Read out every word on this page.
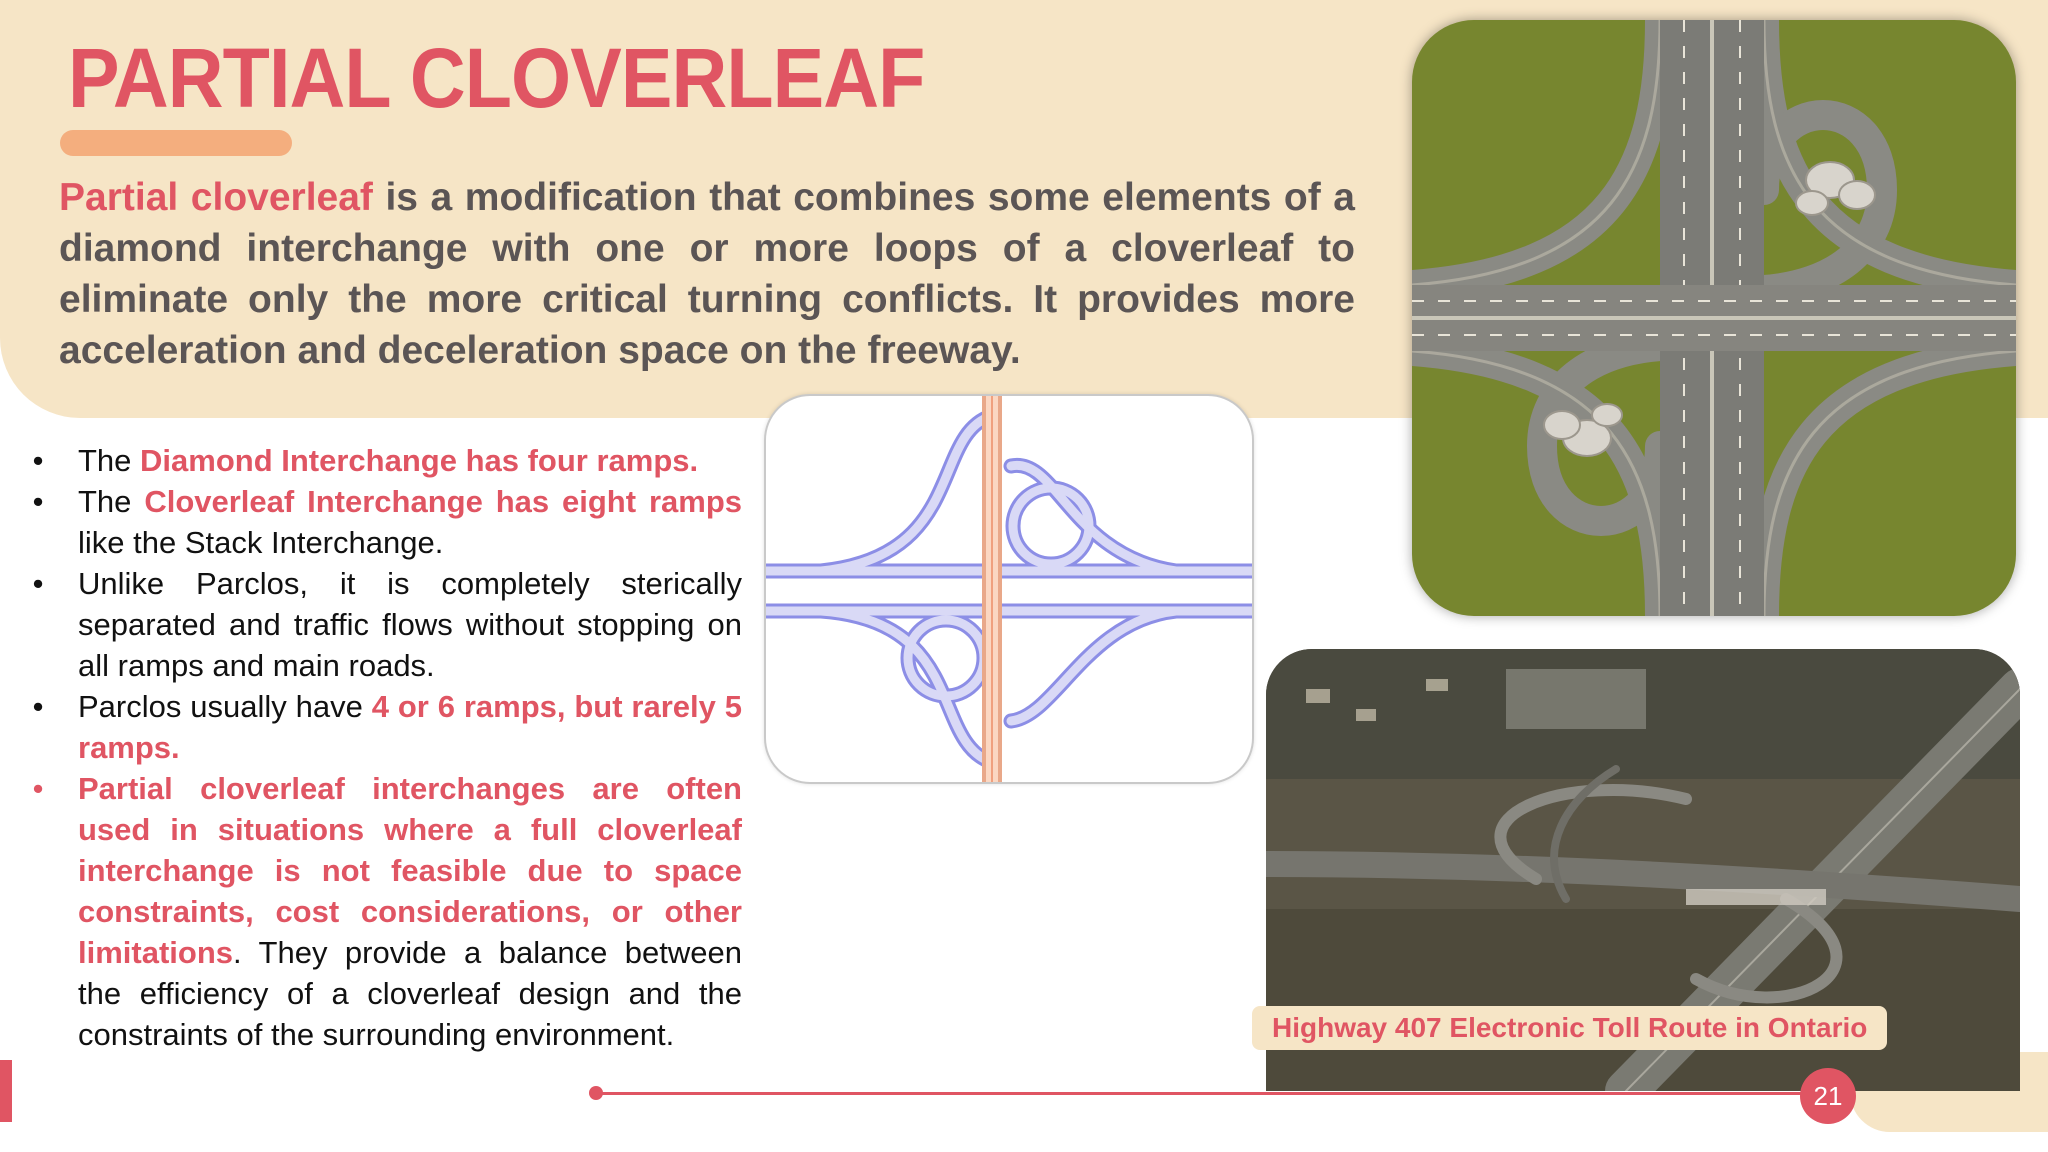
PARTIAL CLOVERLEAF

Partial cloverleaf is a modification that combines some elements of a diamond interchange with one or more loops of a cloverleaf to eliminate only the more critical turning conflicts. It provides more acceleration and deceleration space on the freeway.

• The Diamond Interchange has four ramps.
• The Cloverleaf Interchange has eight ramps like the Stack Interchange.
• Unlike Parclos, it is completely sterically separated and traffic flows without stopping on all ramps and main roads.
• Parclos usually have 4 or 6 ramps, but rarely 5 ramps.
• Partial cloverleaf interchanges are often used in situations where a full cloverleaf interchange is not feasible due to space constraints, cost considerations, or other limitations. They provide a balance between the efficiency of a cloverleaf design and the constraints of the surrounding environment.	Highway 407 Electronic Toll Route in Ontario
21
